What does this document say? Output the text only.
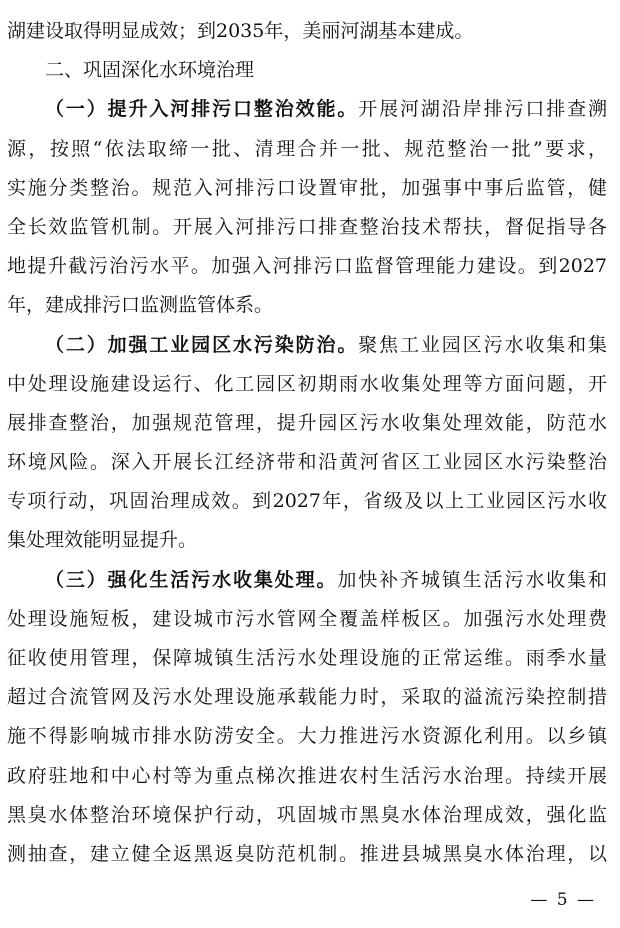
湖建设取得明显成效；到2035年，美丽河湖基本建成。
二、巩固深化水环境治理
（一）提升入河排污口整治效能。开展河湖沿岸排污口排查溯
源，按照“依法取缔一批、清理合并一批、规范整治一批”要求，
实施分类整治。规范入河排污口设置审批，加强事中事后监管，健
全长效监管机制。开展入河排污口排查整治技术帮扶，督促指导各
地提升截污治污水平。加强入河排污口监督管理能力建设。到2027
年，建成排污口监测监管体系。
（二）加强工业园区水污染防治。聚焦工业园区污水收集和集
中处理设施建设运行、化工园区初期雨水收集处理等方面问题，开
展排查整治，加强规范管理，提升园区污水收集处理效能，防范水
环境风险。深入开展长江经济带和沿黄河省区工业园区水污染整治
专项行动，巩固治理成效。到2027年，省级及以上工业园区污水收
集处理效能明显提升。
（三）强化生活污水收集处理。加快补齐城镇生活污水收集和
处理设施短板，建设城市污水管网全覆盖样板区。加强污水处理费
征收使用管理，保障城镇生活污水处理设施的正常运维。雨季水量
超过合流管网及污水处理设施承载能力时，采取的溢流污染控制措
施不得影响城市排水防涝安全。大力推进污水资源化利用。以乡镇
政府驻地和中心村等为重点梯次推进农村生活污水治理。持续开展
黑臭水体整治环境保护行动，巩固城市黑臭水体治理成效，强化监
测抽查，建立健全返黑返臭防范机制。推进县城黑臭水体治理，以
— 5 —
